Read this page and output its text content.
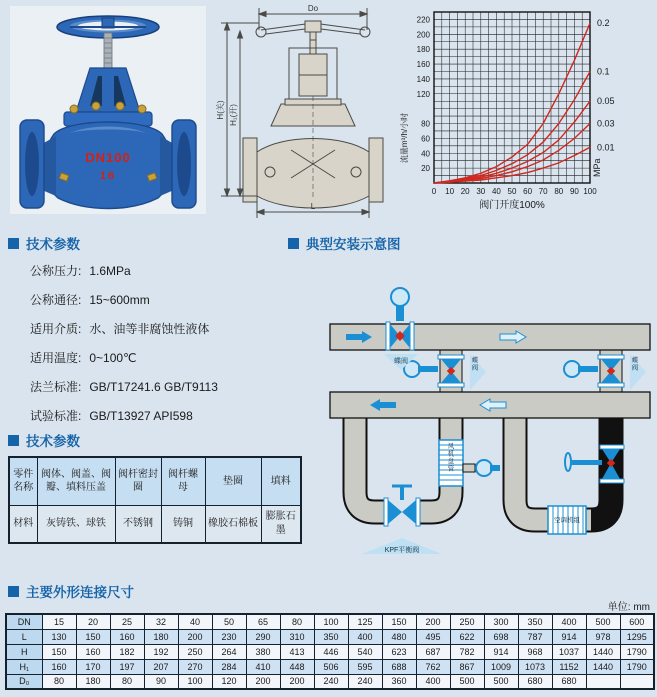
DN100
16
Do
H(关) H₁(开)
L
0 10 20 30 40 50 60 70 80 90 100
20
40
60
80
120
140
160
180
200
220
阀门开度100%
流量m³/h/小时
0.2
0.1
0.05
0.03
0.01
MPa
技术参数	典型安装示意图
公称压力: 1.6MPa
公称通径: 15~600mm
适用介质: 水、油等非腐蚀性液体
适用温度: 0~100℃
法兰标准: GB/T17241.6 GB/T9113
试验标准: GB/T13927 API598
技术参数
零件名称	阀体、阀盖、阀瓣、填料压盖	阀杆密封圈	阀杆螺母	垫圈	填料
材料	灰铸铁、球铁	不锈钢	铸铜	橡胶石棉板	膨胀石墨
蝶阀	蝶阀
蝶阀
KPF平衡阀
风机盘管
空调机组
主要外形连接尺寸
单位: mm
DN	15	20	25	32	40	50	65	80	100	125	150	200	250	300	350	400	500	600
L	130	150	160	180	200	230	290	310	350	400	480	495	622	698	787	914	978	1295
H	150	160	182	192	250	264	380	413	446	540	623	687	782	914	968	1037	1440	1790
H₁	160	170	197	207	270	284	410	448	506	595	688	762	867	1009	1073	1152	1440	1790
D₀	80	180	80	90	100	120	200	200	240	240	360	400	500	500	680	680		
